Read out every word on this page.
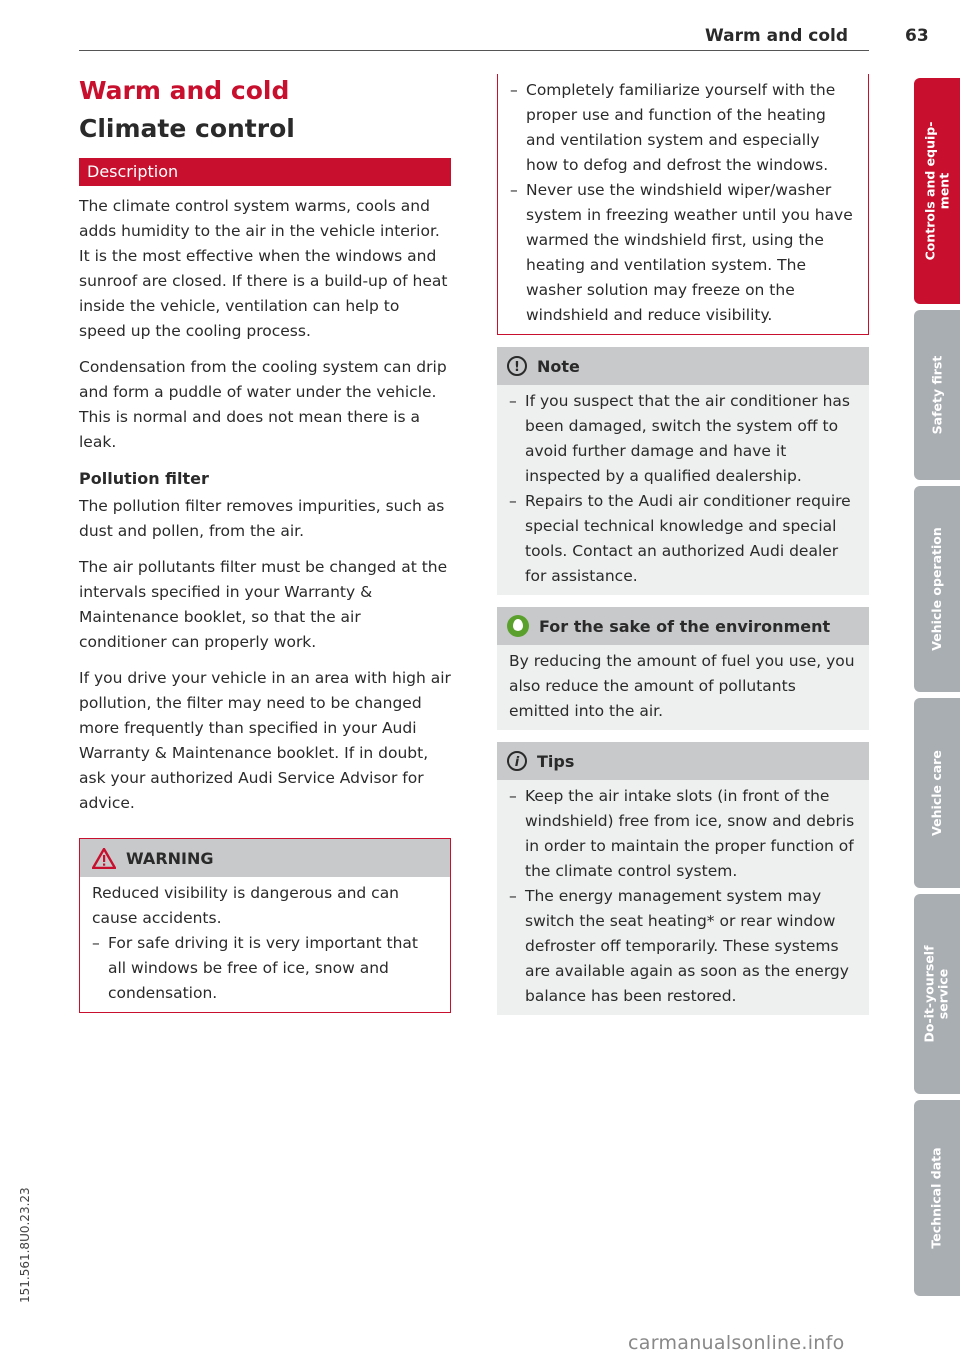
Warm and cold	63
Warm and cold
Climate control
Description

The climate control system warms, cools and adds humidity to the air in the vehicle interior. It is the most effective when the windows and sunroof are closed. If there is a build-up of heat inside the vehicle, ventilation can help to speed up the cooling process.

Condensation from the cooling system can drip and form a puddle of water under the vehicle. This is normal and does not mean there is a leak.

Pollution filter

The pollution filter removes impurities, such as dust and pollen, from the air.

The air pollutants filter must be changed at the intervals specified in your Warranty & Maintenance booklet, so that the air conditioner can properly work.

If you drive your vehicle in an area with high air pollution, the filter may need to be changed more frequently than specified in your Audi Warranty & Maintenance booklet. If in doubt, ask your authorized Audi Service Advisor for advice.

WARNING

Reduced visibility is dangerous and can cause accidents.

– For safe driving it is very important that all windows be free of ice, snow and condensation.
– Completely familiarize yourself with the proper use and function of the heating and ventilation system and especially how to defog and defrost the windows.
– Never use the windshield wiper/washer system in freezing weather until you have warmed the windshield first, using the heating and ventilation system. The washer solution may freeze on the windshield and reduce visibility.
!	Note
– If you suspect that the air conditioner has been damaged, switch the system off to avoid further damage and have it inspected by a qualified dealership.
– Repairs to the Audi air conditioner require special technical knowledge and special tools. Contact an authorized Audi dealer for assistance.
For the sake of the environment

By reducing the amount of fuel you use, you also reduce the amount of pollutants emitted into the air.

i	Tips
– Keep the air intake slots (in front of the windshield) free from ice, snow and debris in order to maintain the proper function of the climate control system.
– The energy management system may switch the seat heating* or rear window defroster off temporarily. These systems are available again as soon as the energy balance has been restored.
Controls and equip-
ment
Safety first
Vehicle operation
Vehicle care
Do-it-yourself
service
Technical data
151.561.8U0.23.23
carmanualsonline.info
